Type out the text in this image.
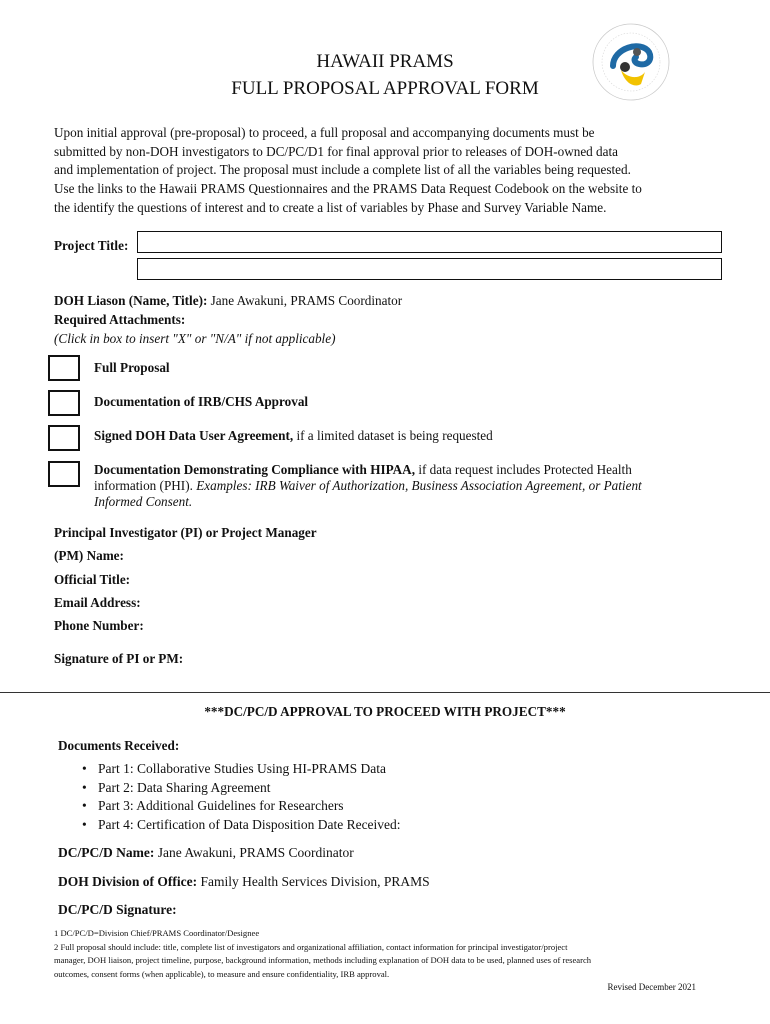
HAWAII PRAMS
FULL PROPOSAL APPROVAL FORM
Upon initial approval (pre-proposal) to proceed, a full proposal and accompanying documents must be
submitted by non-DOH investigators to DC/PC/D1 for final approval prior to releases of DOH-owned data
and implementation of project. The proposal must include a complete list of all the variables being requested.
Use the links to the Hawaii PRAMS Questionnaires and the PRAMS Data Request Codebook on the website to
the identify the questions of interest and to create a list of variables by Phase and Survey Variable Name.
Project Title:
DOH Liason (Name, Title): Jane Awakuni, PRAMS Coordinator
Required Attachments:
(Click in box to insert "X" or "N/A" if not applicable)
Full Proposal
Documentation of IRB/CHS Approval
Signed DOH Data User Agreement, if a limited dataset is being requested
Documentation Demonstrating Compliance with HIPAA, if data request includes Protected Health
information (PHI). Examples: IRB Waiver of Authorization, Business Association Agreement, or Patient
Informed Consent.
Principal Investigator (PI) or Project Manager
(PM) Name:
Official Title:
Email Address:
Phone Number:
Signature of PI or PM:
***DC/PC/D APPROVAL TO PROCEED WITH PROJECT***
Documents Received:
• Part 1: Collaborative Studies Using HI-PRAMS Data
• Part 2: Data Sharing Agreement
• Part 3: Additional Guidelines for Researchers
• Part 4: Certification of Data Disposition Date Received:
DC/PC/D Name: Jane Awakuni, PRAMS Coordinator
DOH Division of Office: Family Health Services Division, PRAMS
DC/PC/D Signature:
1 DC/PC/D=Division Chief/PRAMS Coordinator/Designee
2 Full proposal should include: title, complete list of investigators and organizational affiliation, contact information for principal investigator/project
manager, DOH liaison, project timeline, purpose, background information, methods including explanation of DOH data to be used, planned uses of research
outcomes, consent forms (when applicable), to measure and ensure confidentiality, IRB approval.
Revised December 2021
